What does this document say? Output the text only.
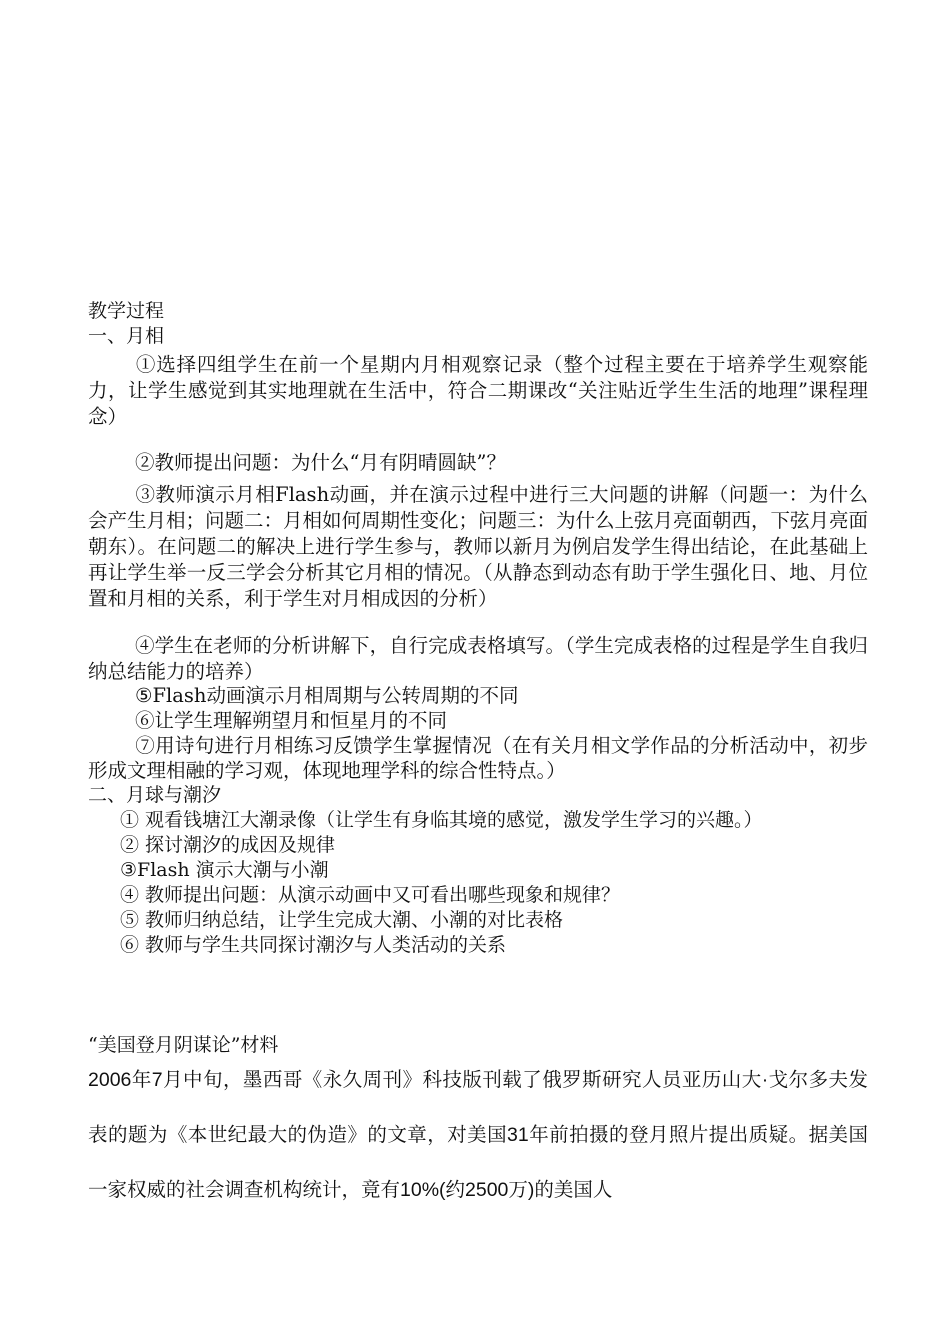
教学过程
一、月相
①选择四组学生在前一个星期内月相观察记录（整个过程主要在于培养学生观察能力，让学生感觉到其实地理就在生活中，符合二期课改“关注贴近学生生活的地理”课程理念）
②教师提出问题：为什么“月有阴晴圆缺”？
③教师演示月相Flash动画，并在演示过程中进行三大问题的讲解（问题一：为什么会产生月相；问题二：月相如何周期性变化；问题三：为什么上弦月亮面朝西，下弦月亮面朝东）。在问题二的解决上进行学生参与，教师以新月为例启发学生得出结论，在此基础上再让学生举一反三学会分析其它月相的情况。（从静态到动态有助于学生强化日、地、月位置和月相的关系，利于学生对月相成因的分析）
④学生在老师的分析讲解下，自行完成表格填写。（学生完成表格的过程是学生自我归纳总结能力的培养）
⑤Flash动画演示月相周期与公转周期的不同
⑥让学生理解朔望月和恒星月的不同
⑦用诗句进行月相练习反馈学生掌握情况（在有关月相文学作品的分析活动中，初步形成文理相融的学习观，体现地理学科的综合性特点。）
二、月球与潮汐
① 观看钱塘江大潮录像（让学生有身临其境的感觉，激发学生学习的兴趣。）
② 探讨潮汐的成因及规律
③Flash 演示大潮与小潮
④ 教师提出问题：从演示动画中又可看出哪些现象和规律？
⑤ 教师归纳总结，让学生完成大潮、小潮的对比表格
⑥ 教师与学生共同探讨潮汐与人类活动的关系
“美国登月阴谋论”材料
2006年7月中旬，墨西哥《永久周刊》科技版刊载了俄罗斯研究人员亚历山大·戈尔多夫发表的题为《本世纪最大的伪造》的文章，对美国31年前拍摄的登月照片提出质疑。据美国一家权威的社会调查机构统计，竟有10%(约2500万)的美国人
